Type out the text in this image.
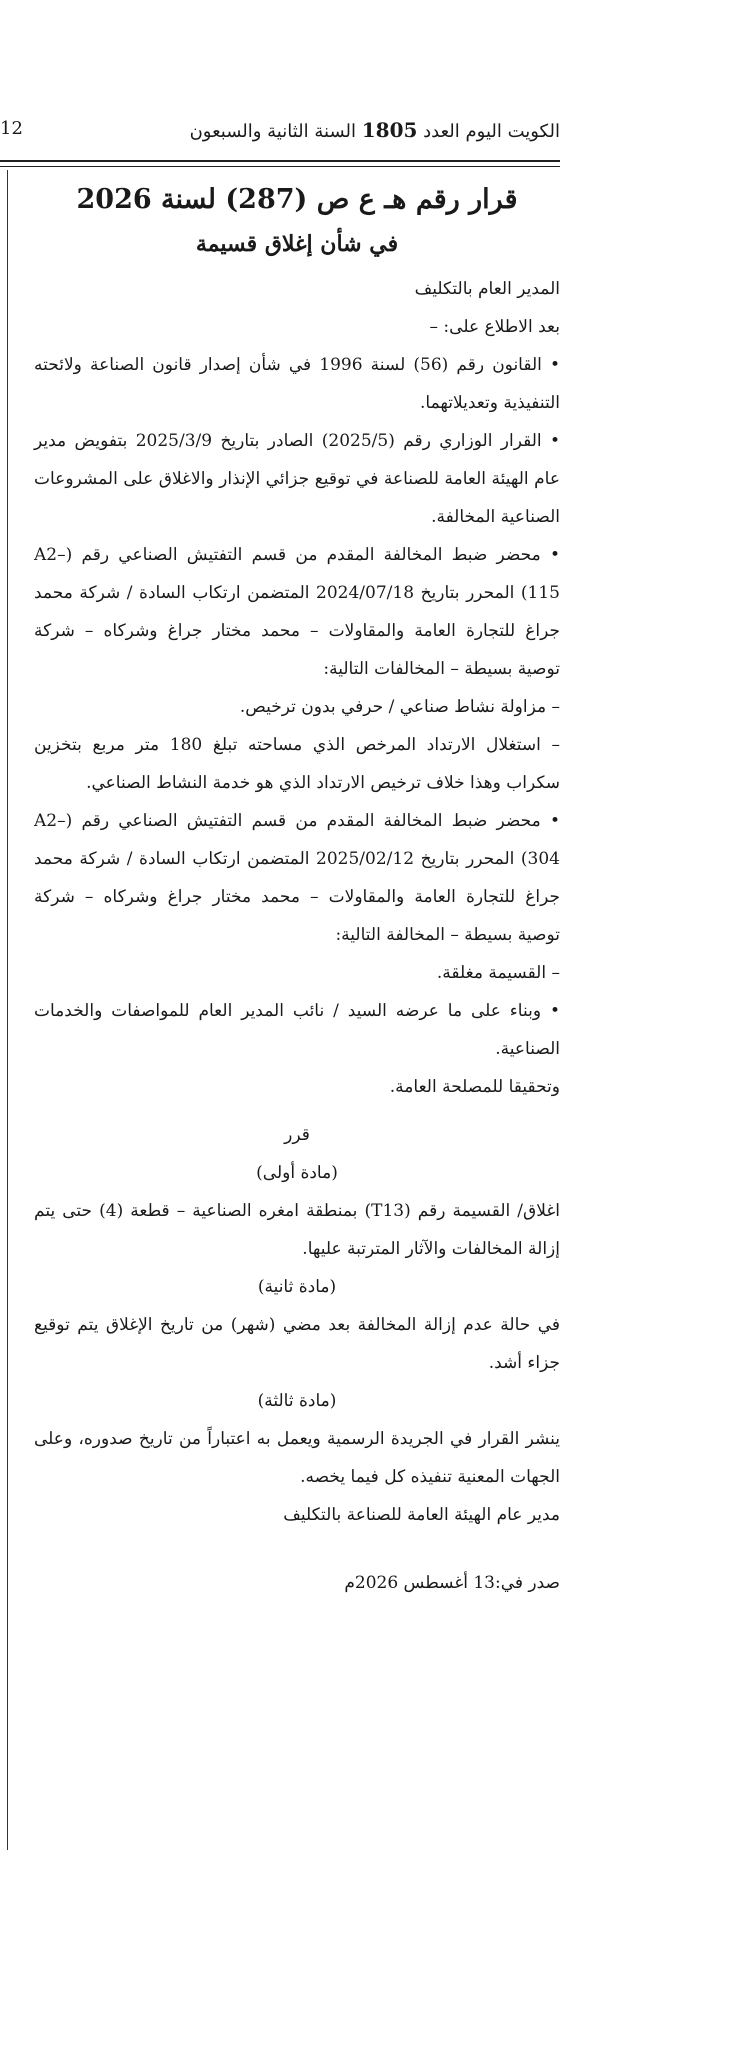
الكويت اليوم العدد 1805 السنة الثانية والسبعون
12
قرار رقم هـ ع ص (287) لسنة 2026
في شأن إغلاق قسيمة

المدير العام بالتكليف

بعد الاطلاع على: –

• القانون رقم (56) لسنة 1996 في شأن إصدار قانون الصناعة ولائحته التنفيذية وتعديلاتهما.

• القرار الوزاري رقم (2025/5) الصادر بتاريخ 2025/3/9 بتفويض مدير عام الهيئة العامة للصناعة في توقيع جزائي الإنذار والاغلاق على المشروعات الصناعية المخالفة.

• محضر ضبط المخالفة المقدم من قسم التفتيش الصناعي رقم (A2–115) المحرر بتاريخ 2024/07/18 المتضمن ارتكاب السادة / شركة محمد جراغ للتجارة العامة والمقاولات – محمد مختار جراغ وشركاه – شركة توصية بسيطة – المخالفات التالية:

– مزاولة نشاط صناعي / حرفي بدون ترخيص.

– استغلال الارتداد المرخص الذي مساحته تبلغ 180 متر مربع بتخزين سكراب وهذا خلاف ترخيص الارتداد الذي هو خدمة النشاط الصناعي.

• محضر ضبط المخالفة المقدم من قسم التفتيش الصناعي رقم (A2–304) المحرر بتاريخ 2025/02/12 المتضمن ارتكاب السادة / شركة محمد جراغ للتجارة العامة والمقاولات – محمد مختار جراغ وشركاه – شركة توصية بسيطة – المخالفة التالية:

– القسيمة مغلقة.

• وبناء على ما عرضه السيد / نائب المدير العام للمواصفات والخدمات الصناعية.

وتحقيقا للمصلحة العامة.

قرر

(مادة أولى)

اغلاق/ القسيمة رقم (T13) بمنطقة امغره الصناعية – قطعة (4) حتى يتم إزالة المخالفات والآثار المترتبة عليها.

(مادة ثانية)

في حالة عدم إزالة المخالفة بعد مضي (شهر) من تاريخ الإغلاق يتم توقيع جزاء أشد.

(مادة ثالثة)

ينشر القرار في الجريدة الرسمية ويعمل به اعتباراً من تاريخ صدوره، وعلى الجهات المعنية تنفيذه كل فيما يخصه.

مدير عام الهيئة العامة للصناعة بالتكليف

صدر في:13 أغسطس 2026م
